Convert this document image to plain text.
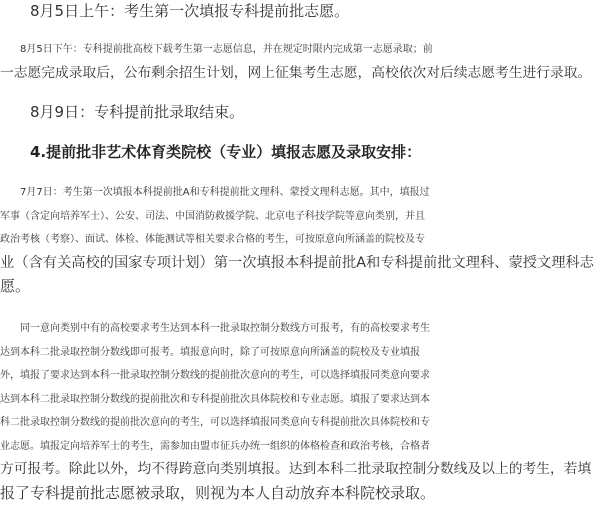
　　8月5日上午：考生第一次填报专科提前批志愿。

　　8月5日下午：专科提前批高校下载考生第一志愿信息，并在规定时限内完成第一志愿录取；前
一志愿完成录取后，公布剩余招生计划，网上征集考生志愿，高校依次对后续志愿考生进行录取。

　　8月9日：专科提前批录取结束。

　　4.提前批非艺术体育类院校（专业）填报志愿及录取安排：

　　7月7日：考生第一次填报本科提前批A和专科提前批文理科、蒙授文理科志愿。其中，填报过
军事（含定向培养军士）、公安、司法、中国消防救援学院、北京电子科技学院等意向类别，并且
政治考核（考察）、面试、体检、体能测试等相关要求合格的考生，可按原意向所涵盖的院校及专
业（含有关高校的国家专项计划）第一次填报本科提前批A和专科提前批文理科、蒙授文理科志
愿。

　　同一意向类别中有的高校要求考生达到本科一批录取控制分数线方可报考，有的高校要求考生
达到本科二批录取控制分数线即可报考。填报意向时，除了可按原意向所涵盖的院校及专业填报
外，填报了要求达到本科一批录取控制分数线的提前批次意向的考生，可以选择填报同类意向要求
达到本科二批录取控制分数线的提前批次和专科提前批次具体院校和专业志愿。填报了要求达到本
科二批录取控制分数线的提前批次意向的考生，可以选择填报同类意向专科提前批次具体院校和专
业志愿。填报定向培养军士的考生，需参加由盟市征兵办统一组织的体格检查和政治考核，合格者
方可报考。除此以外，均不得跨意向类别填报。达到本科二批录取控制分数线及以上的考生，若填
报了专科提前批志愿被录取，则视为本人自动放弃本科院校录取。
